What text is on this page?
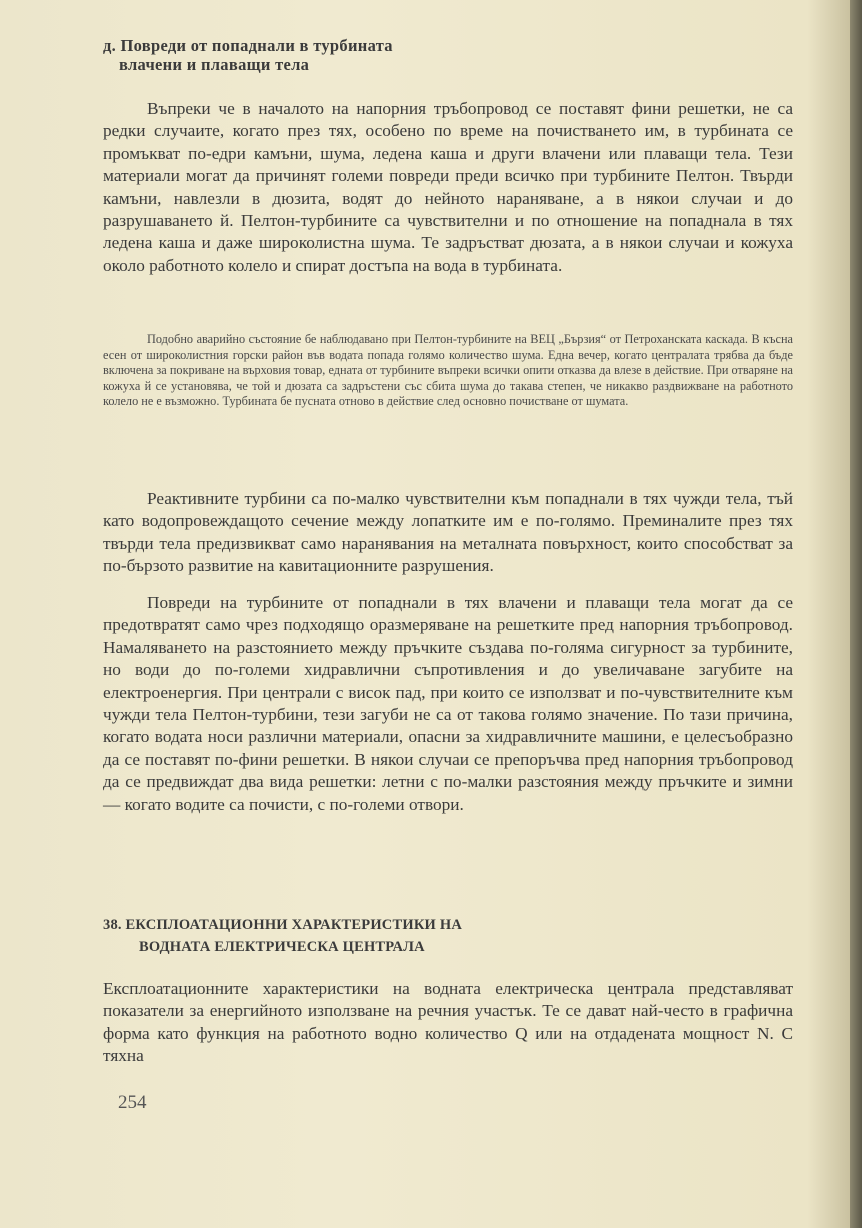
д. Повреди от попаднали в турбината
влачени и плаващи тела
Въпреки че в началото на напорния тръбопровод се поставят фини решетки, не са редки случаите, когато през тях, особено по време на почистването им, в турбината се промъкват по-едри камъни, шума, ледена каша и други влачени или плаващи тела. Тези материали могат да причинят големи повреди преди всичко при турбините Пелтон. Твърди камъни, навлезли в дюзита, водят до нейното нараняване, а в някои случаи и до разрушаването й. Пелтон-турбините са чувствителни и по отношение на попаднала в тях ледена каша и даже широколистна шума. Те задръстват дюзата, а в някои случаи и кожуха около работното колело и спират достъпа на вода в турбината.
Подобно аварийно състояние бе наблюдавано при Пелтон-турбините на ВЕЦ „Бързия“ от Петроханската каскада. В късна есен от широколистния горски район във водата попада голямо количество шума. Една вечер, когато централата трябва да бъде включена за покриване на върховия товар, едната от турбините въпреки всички опити отказва да влезе в действие. При отваряне на кожуха й се установява, че той и дюзата са задръстени със сбита шума до такава степен, че никакво раздвижване на работното колело не е възможно. Турбината бе пусната отново в действие след основно почистване от шумата.
Реактивните турбини са по-малко чувствителни към попаднали в тях чужди тела, тъй като водопровеждащото сечение между лопатките им е по-голямо. Преминалите през тях твърди тела предизвикват само наранявания на металната повърхност, които способстват за по-бързото развитие на кавитационните разрушения.
Повреди на турбините от попаднали в тях влачени и плаващи тела могат да се предотвратят само чрез подходящо оразмеряване на решетките пред напорния тръбопровод. Намаляването на разстоянието между пръчките създава по-голяма сигурност за турбините, но води до по-големи хидравлични съпротивления и до увеличаване загубите на електроенергия. При централи с висок пад, при които се използват и по-чувствителните към чужди тела Пелтон-турбини, тези загуби не са от такова голямо значение. По тази причина, когато водата носи различни материали, опасни за хидравличните машини, е целесъобразно да се поставят по-фини решетки. В някои случаи се препоръчва пред напорния тръбопровод да се предвиждат два вида решетки: летни с по-малки разстояния между пръчките и зимни — когато водите са почисти, с по-големи отвори.
38. ЕКСПЛОАТАЦИОННИ ХАРАКТЕРИСТИКИ НА
ВОДНАТА ЕЛЕКТРИЧЕСКА ЦЕНТРАЛА
Експлоатационните характеристики на водната електрическа централа представляват показатели за енергийното използване на речния участък. Те се дават най-често в графична форма като функция на работното водно количество Q или на отдадената мощност N. С тяхна
254
